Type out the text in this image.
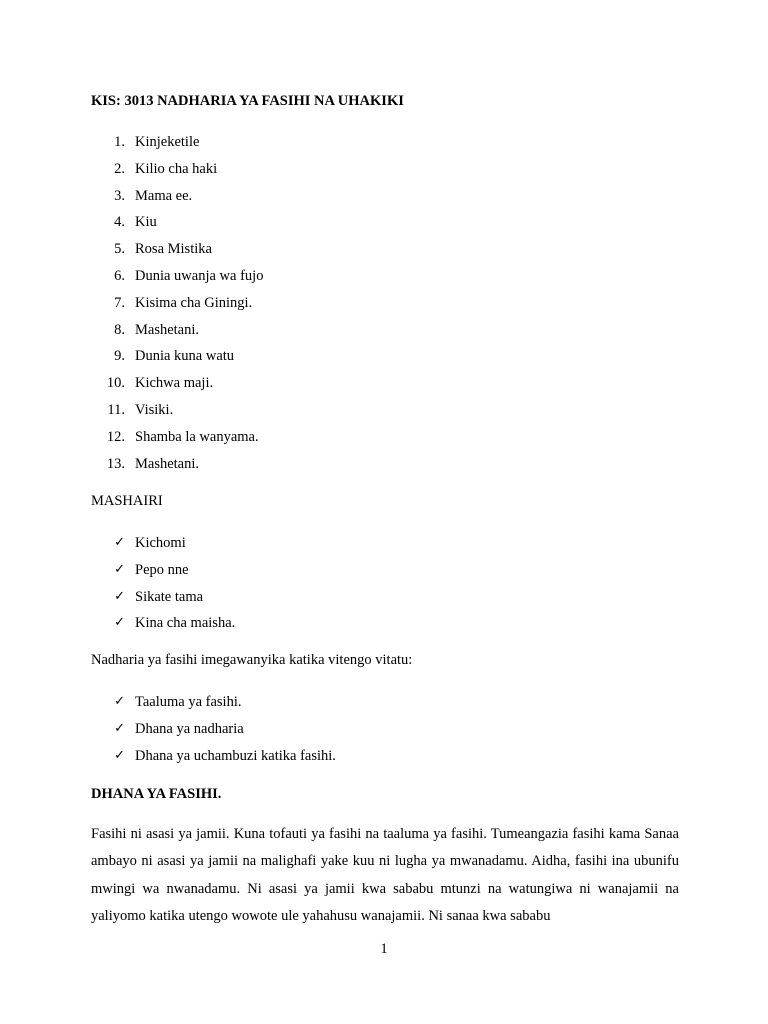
KIS: 3013 NADHARIA YA FASIHI NA UHAKIKI

1. Kinjeketile
2. Kilio cha haki
3. Mama ee.
4. Kiu
5. Rosa Mistika
6. Dunia uwanja wa fujo
7. Kisima cha Giningi.
8. Mashetani.
9. Dunia kuna watu
10. Kichwa maji.
11. Visiki.
12. Shamba la wanyama.
13. Mashetani.

MASHAIRI

✓ Kichomi
✓ Pepo nne
✓ Sikate tama
✓ Kina cha maisha.

Nadharia ya fasihi imegawanyika katika vitengo vitatu:

✓ Taaluma ya fasihi.
✓ Dhana ya nadharia
✓ Dhana ya uchambuzi katika fasihi.

DHANA YA FASIHI.

Fasihi ni asasi ya jamii. Kuna tofauti ya fasihi na taaluma ya fasihi. Tumeangazia fasihi kama Sanaa ambayo ni asasi ya jamii na malighafi yake kuu ni lugha ya mwanadamu. Aidha, fasihi ina ubunifu mwingi wa nwanadamu. Ni asasi ya jamii kwa sababu mtunzi na watungiwa ni wanajamii na yaliyomo katika utengo wowote ule yahahusu wanajamii. Ni sanaa kwa sababu

1
